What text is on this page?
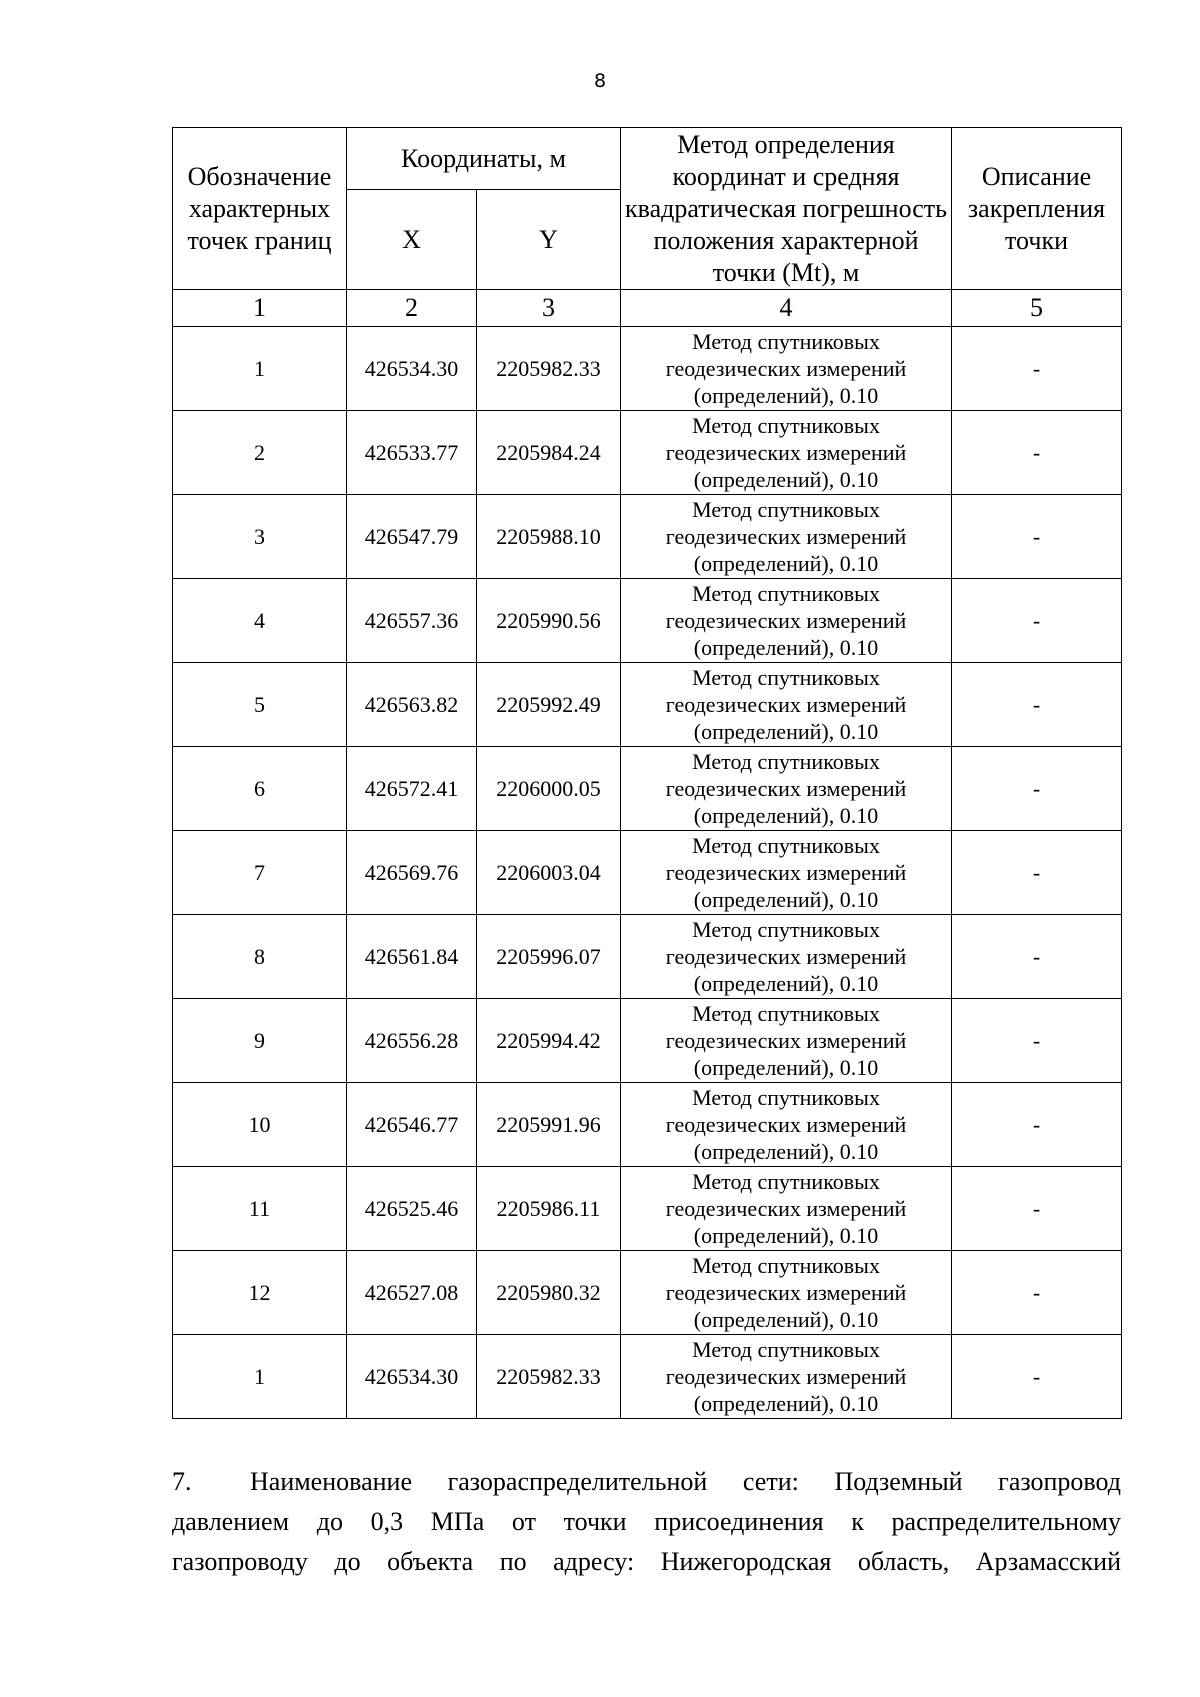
8
Обозначение характерных точек границ	Координаты, м		Метод определения координат и средняя квадратическая погрешность положения характерной точки (Mt), м	Описание закрепления точки
	X	Y		
1	2	3	4	5
1	426534.30	2205982.33	Метод спутниковых
геодезических измерений
(определений), 0.10	-
2	426533.77	2205984.24	Метод спутниковых
геодезических измерений
(определений), 0.10	-
3	426547.79	2205988.10	Метод спутниковых
геодезических измерений
(определений), 0.10	-
4	426557.36	2205990.56	Метод спутниковых
геодезических измерений
(определений), 0.10	-
5	426563.82	2205992.49	Метод спутниковых
геодезических измерений
(определений), 0.10	-
6	426572.41	2206000.05	Метод спутниковых
геодезических измерений
(определений), 0.10	-
7	426569.76	2206003.04	Метод спутниковых
геодезических измерений
(определений), 0.10	-
8	426561.84	2205996.07	Метод спутниковых
геодезических измерений
(определений), 0.10	-
9	426556.28	2205994.42	Метод спутниковых
геодезических измерений
(определений), 0.10	-
10	426546.77	2205991.96	Метод спутниковых
геодезических измерений
(определений), 0.10	-
11	426525.46	2205986.11	Метод спутниковых
геодезических измерений
(определений), 0.10	-
12	426527.08	2205980.32	Метод спутниковых
геодезических измерений
(определений), 0.10	-
1	426534.30	2205982.33	Метод спутниковых
геодезических измерений
(определений), 0.10	-
7. Наименование газораспределительной сети: Подземный газопровод
давлением до 0,3 МПа от точки присоединения к распределительному
газопроводу до объекта по адресу: Нижегородская область, Арзамасский
